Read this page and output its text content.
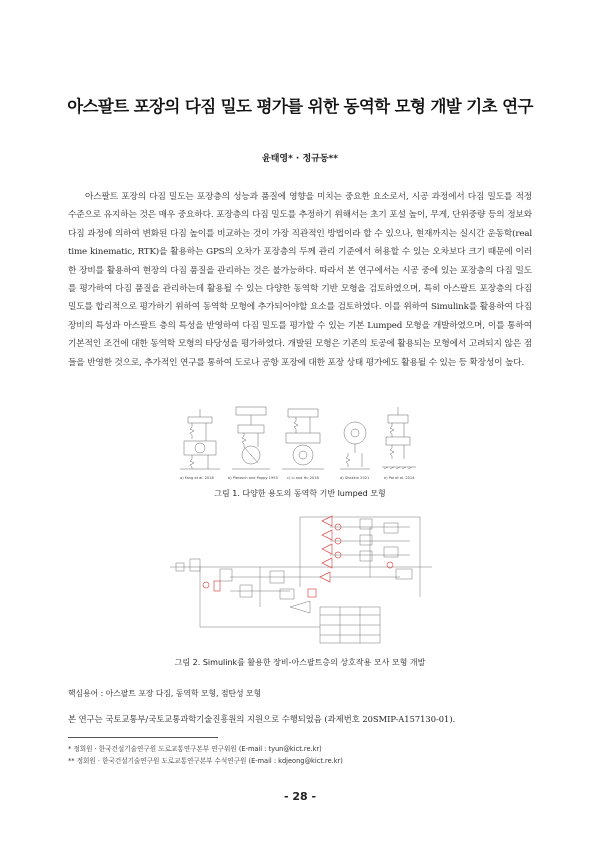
아스팔트 포장의 다짐 밀도 평가를 위한 동역학 모형 개발 기초 연구
윤태영* · 정규동**
아스팔트 포장의 다짐 밀도는 포장층의 성능과 품질에 영향을 미치는 중요한 요소로서, 시공 과정에서 다짐 밀도를 적정 수준으로 유지하는 것은 매우 중요하다. 포장층의 다짐 밀도를 추정하기 위해서는 초기 포설 높이, 무게, 단위중량 등의 정보와 다짐 과정에 의하여 변화된 다짐 높이를 비교하는 것이 가장 직관적인 방법이라 할 수 있으나, 현재까지는 실시간 운동학(real time kinematic, RTK)을 활용하는 GPS의 오차가 포장층의 두께 관리 기준에서 허용할 수 있는 오차보다 크기 때문에 이러한 장비를 활용하여 현장의 다짐 품질을 관리하는 것은 불가능하다. 따라서 본 연구에서는 시공 중에 있는 포장층의 다짐 밀도를 평가하여 다짐 품질을 관리하는데 활용될 수 있는 다양한 동역학 기반 모형을 검토하였으며, 특히 아스팔트 포장층의 다짐 밀도를 합리적으로 평가하기 위하여 동역학 모형에 추가되어야할 요소를 검토하였다. 이를 위하여 Simulink를 활용하여 다짐 장비의 특성과 아스팔트 층의 특성을 반영하여 다짐 밀도를 평가할 수 있는 기본 Lumped 모형을 개발하였으며, 이를 통하여 기본적인 조건에 대한 동역학 모형의 타당성을 평가하였다. 개발된 모형은 기존의 토공에 활용되는 모형에서 고려되지 않은 점들을 반영한 것으로, 추가적인 연구를 통하여 도로나 공항 포장에 대한 포장 상태 평가에도 활용될 수 있는 등 확장성이 높다.
a) Fang et al. 2018	b) Pietzsch and Poppy 1993	c) Li and Hu 2018	d) Shokkin 2021	e) Pai et al. 2014
그림 1. 다양한 용도의 동역학 기반 lumped 모형
그림 2. Simulink를 활용한 장비-아스팔트층의 상호작용 모사 모형 개발
핵심용어 : 아스팔트 포장 다짐, 동역학 모형, 점탄성 모형
본 연구는 국토교통부/국토교통과학기술진흥원의 지원으로 수행되었음 (과제번호 20SMIP-A157130-01).
* 정회원 · 한국건설기술연구원 도로교통연구본부 연구위원 (E-mail : tyun@kict.re.kr)
** 정회원 · 한국건설기술연구원 도로교통연구본부 수석연구원 (E-mail : kdjeong@kict.re.kr)
- 28 -
